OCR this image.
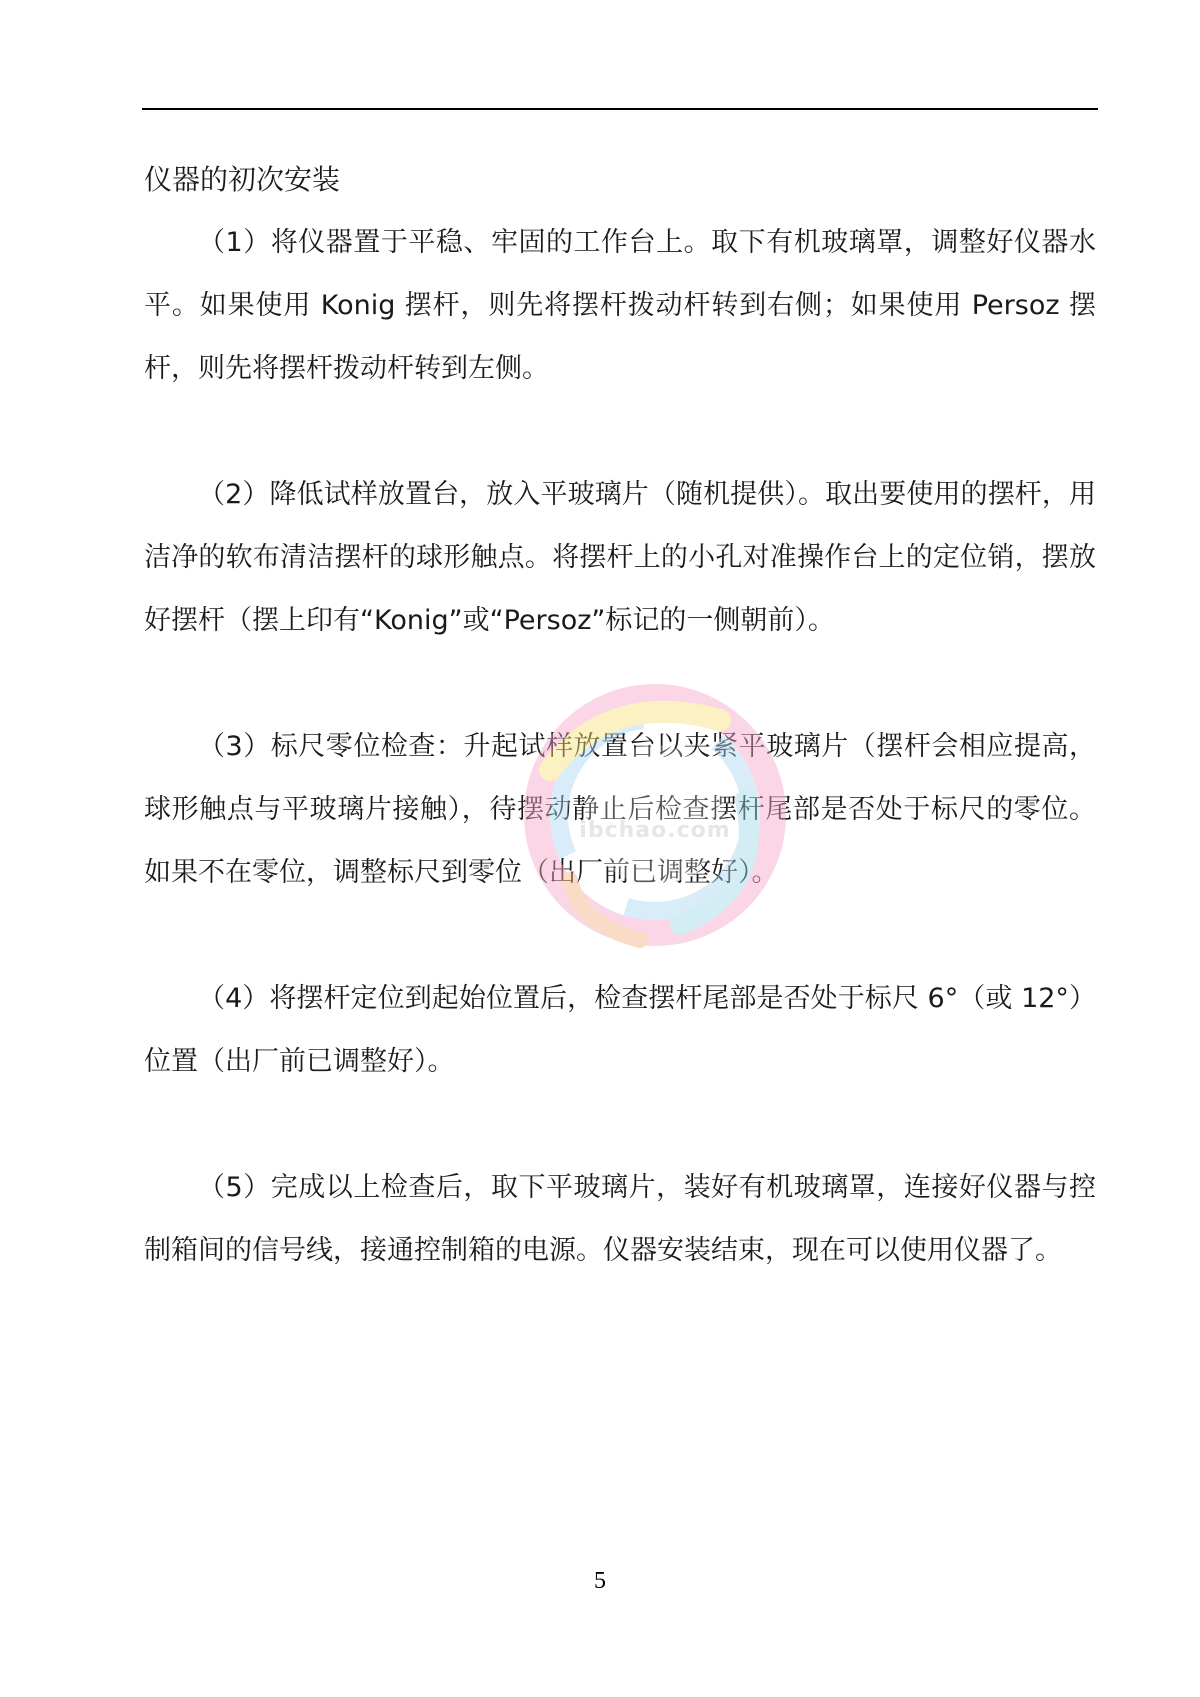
仪器的初次安装

（1）将仪器置于平稳、牢固的工作台上。取下有机玻璃罩，调整好仪器水平。如果使用 Konig 摆杆，则先将摆杆拨动杆转到右侧；如果使用 Persoz 摆杆，则先将摆杆拨动杆转到左侧。

（2）降低试样放置台，放入平玻璃片（随机提供）。取出要使用的摆杆，用洁净的软布清洁摆杆的球形触点。将摆杆上的小孔对准操作台上的定位销，摆放好摆杆（摆上印有“Konig”或“Persoz”标记的一侧朝前）。

（3）标尺零位检查：升起试样放置台以夹紧平玻璃片（摆杆会相应提高，球形触点与平玻璃片接触），待摆动静止后检查摆杆尾部是否处于标尺的零位。如果不在零位，调整标尺到零位（出厂前已调整好）。

（4）将摆杆定位到起始位置后，检查摆杆尾部是否处于标尺 6°（或 12°）位置（出厂前已调整好）。

（5）完成以上检查后，取下平玻璃片，装好有机玻璃罩，连接好仪器与控制箱间的信号线，接通控制箱的电源。仪器安装结束，现在可以使用仪器了。

ibchao.com
5
